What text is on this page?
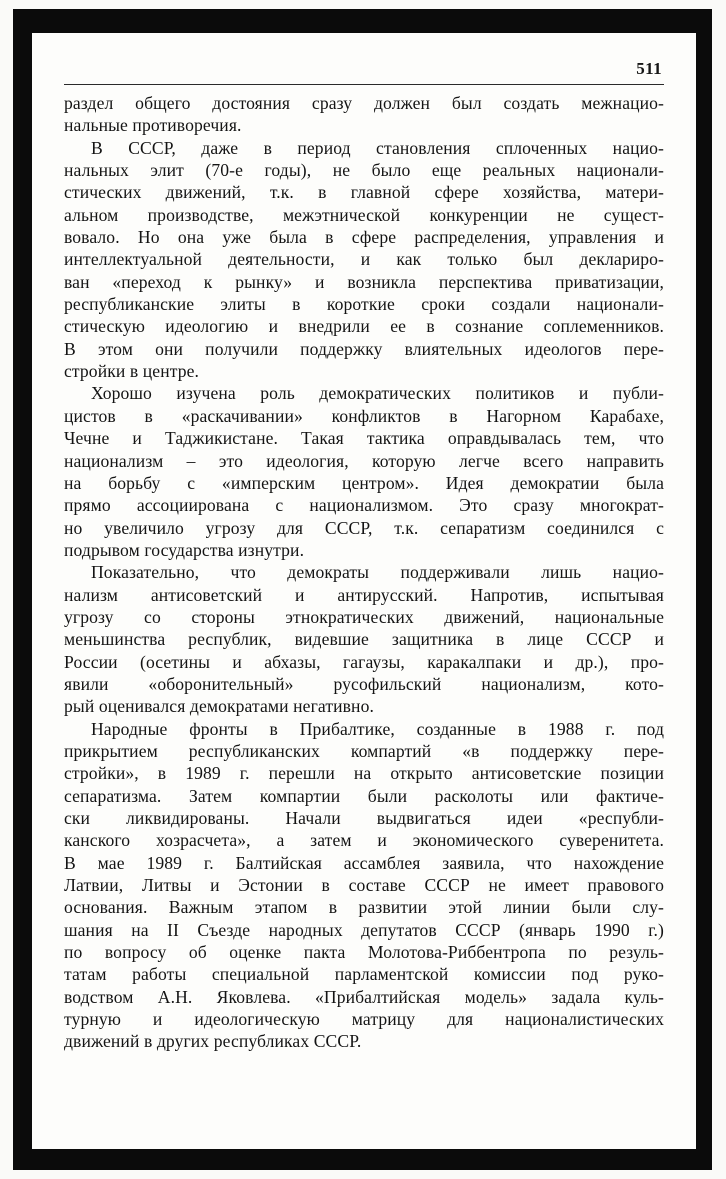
511
раздел общего достояния сразу должен был создать межнацио-
нальные противоречия.
В СССР, даже в период становления сплоченных нацио-
нальных элит (70-е годы), не было еще реальных национали-
стических движений, т.к. в главной сфере хозяйства, матери-
альном производстве, межэтнической конкуренции не сущест-
вовало. Но она уже была в сфере распределения, управления и
интеллектуальной деятельности, и как только был деклариро-
ван «переход к рынку» и возникла перспектива приватизации,
республиканские элиты в короткие сроки создали национали-
стическую идеологию и внедрили ее в сознание соплеменников.
В этом они получили поддержку влиятельных идеологов пере-
стройки в центре.
Хорошо изучена роль демократических политиков и публи-
цистов в «раскачивании» конфликтов в Нагорном Карабахе,
Чечне и Таджикистане. Такая тактика оправдывалась тем, что
национализм – это идеология, которую легче всего направить
на борьбу с «имперским центром». Идея демократии была
прямо ассоциирована с национализмом. Это сразу многократ-
но увеличило угрозу для СССР, т.к. сепаратизм соединился с
подрывом государства изнутри.
Показательно, что демократы поддерживали лишь нацио-
нализм антисоветский и антирусский. Напротив, испытывая
угрозу со стороны этнократических движений, национальные
меньшинства республик, видевшие защитника в лице СССР и
России (осетины и абхазы, гагаузы, каракалпаки и др.), про-
явили «оборонительный» русофильский национализм, кото-
рый оценивался демократами негативно.
Народные фронты в Прибалтике, созданные в 1988 г. под
прикрытием республиканских компартий «в поддержку пере-
стройки», в 1989 г. перешли на открыто антисоветские позиции
сепаратизма. Затем компартии были расколоты или фактиче-
ски ликвидированы. Начали выдвигаться идеи «республи-
канского хозрасчета», а затем и экономического суверенитета.
В мае 1989 г. Балтийская ассамблея заявила, что нахождение
Латвии, Литвы и Эстонии в составе СССР не имеет правового
основания. Важным этапом в развитии этой линии были слу-
шания на II Съезде народных депутатов СССР (январь 1990 г.)
по вопросу об оценке пакта Молотова-Риббентропа по резуль-
татам работы специальной парламентской комиссии под руко-
водством А.Н. Яковлева. «Прибалтийская модель» задала куль-
турную и идеологическую матрицу для националистических
движений в других республиках СССР.
